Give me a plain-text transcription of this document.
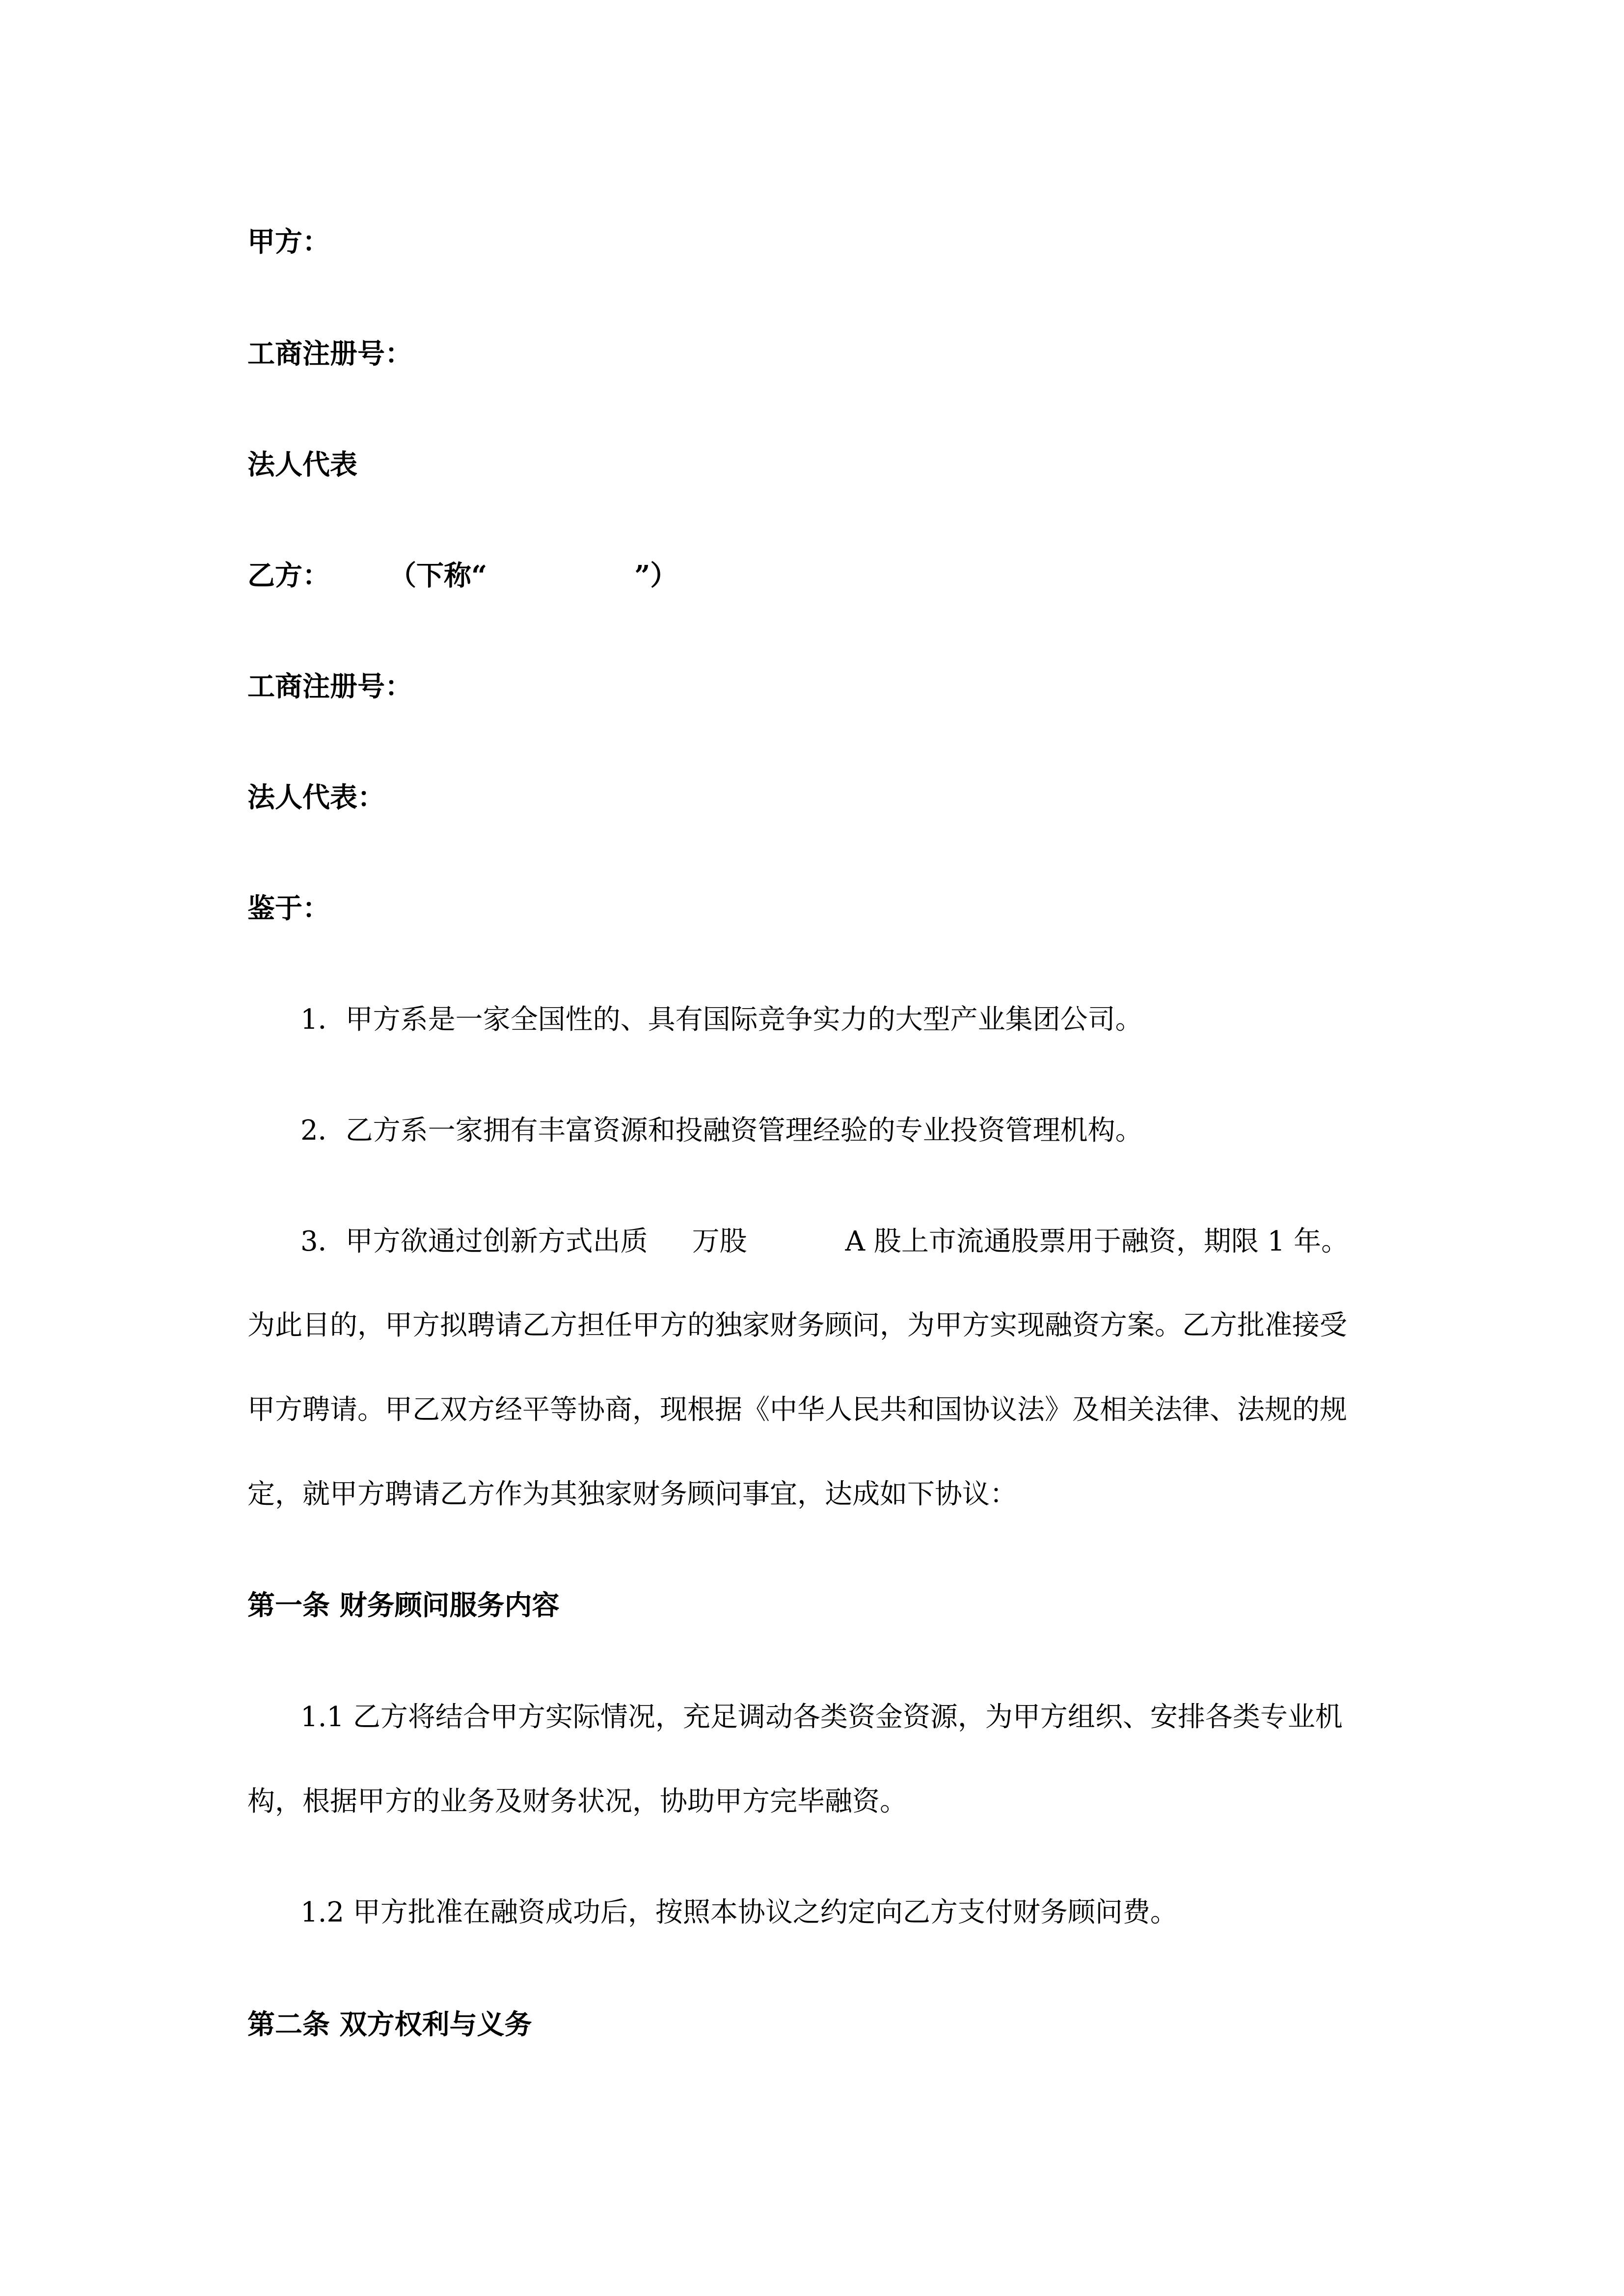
甲方：

工商注册号：

法人代表

乙方： （下称“	”）

工商注册号：

法人代表：

鉴于：

1．甲方系是一家全国性的、具有国际竞争实力的大型产业集团公司。

2．乙方系一家拥有丰富资源和投融资管理经验的专业投资管理机构。

3．甲方欲通过创新方式出质 万股	A 股上市流通股票用于融资，期限 1 年。

为此目的，甲方拟聘请乙方担任甲方的独家财务顾问，为甲方实现融资方案。乙方批准接受

甲方聘请。甲乙双方经平等协商，现根据《中华人民共和国协议法》及相关法律、法规的规

定，就甲方聘请乙方作为其独家财务顾问事宜，达成如下协议：

第一条 财务顾问服务内容

1.1 乙方将结合甲方实际情况，充足调动各类资金资源，为甲方组织、安排各类专业机

构，根据甲方的业务及财务状况，协助甲方完毕融资。

1.2 甲方批准在融资成功后，按照本协议之约定向乙方支付财务顾问费。

第二条 双方权利与义务
